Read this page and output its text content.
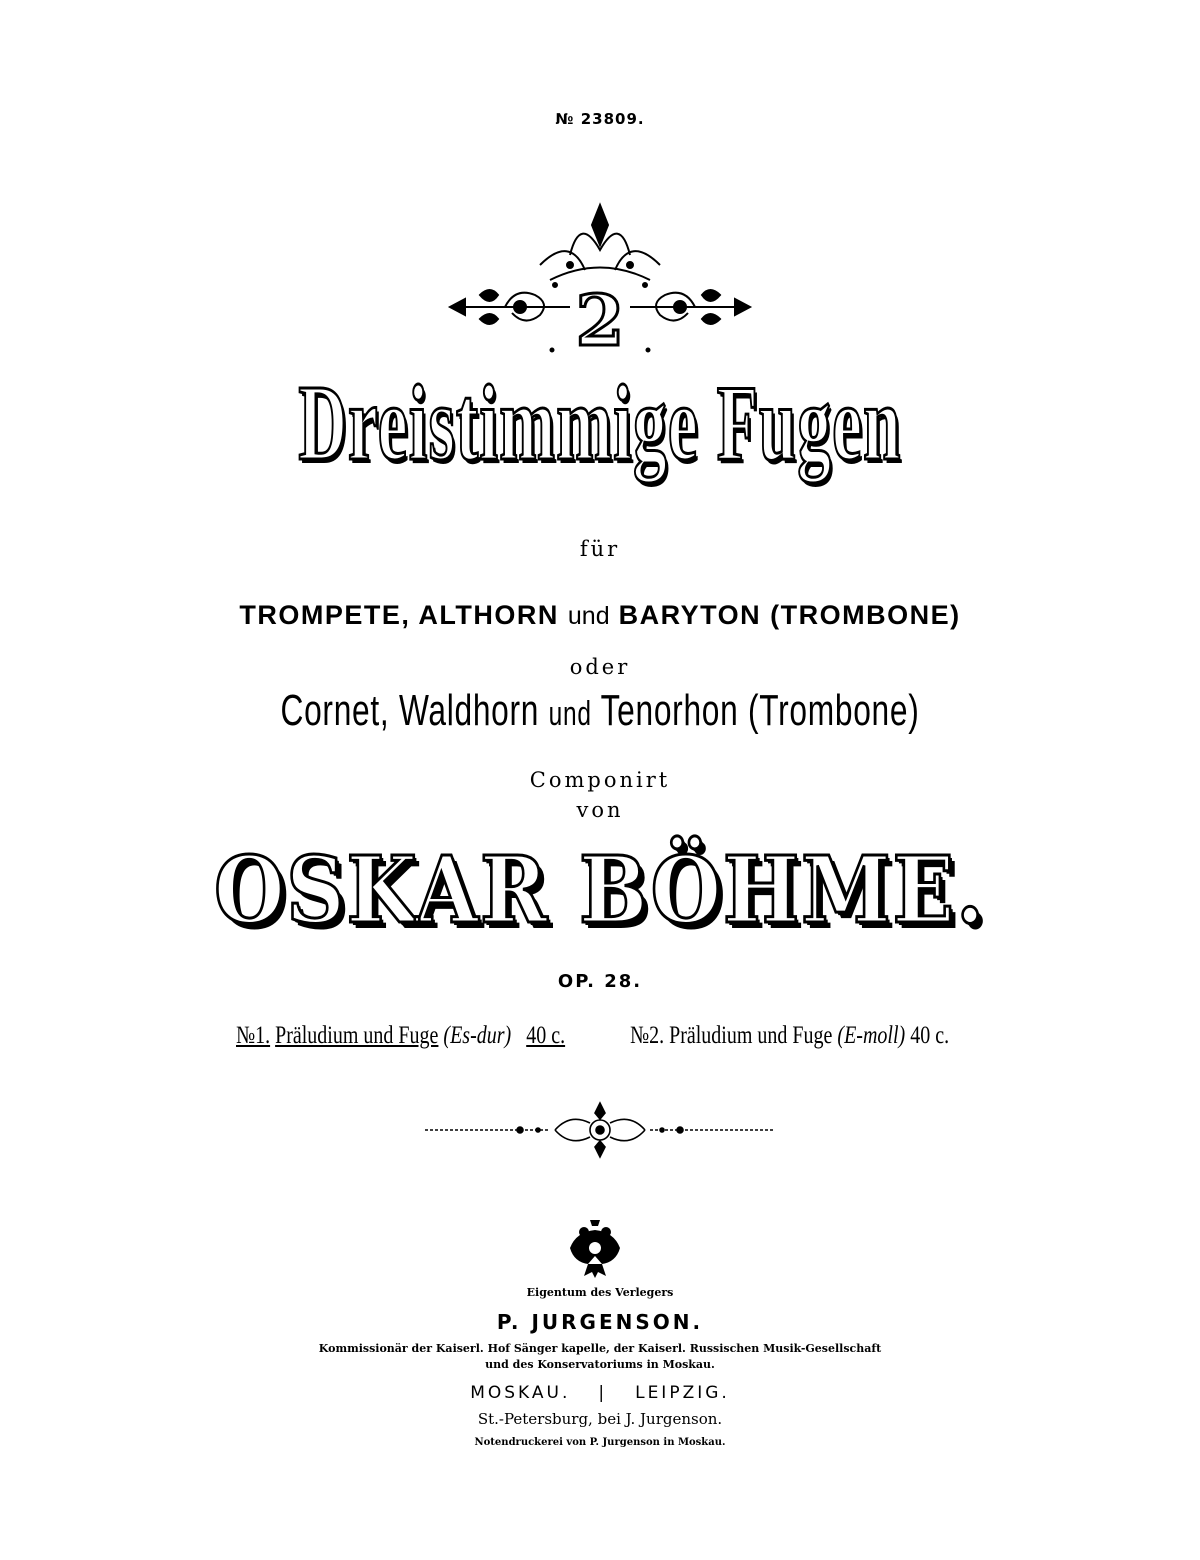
№ 23809.
2
Dreistimmige Fugen
für
TROMPETE, ALTHORN und BARYTON (TROMBONE)
oder
Cornet, Waldhorn und Tenorhon (Trombone)
Componirt
von
OSKAR BÖHME.
OP. 28.
№1. Präludium und Fuge (Es-dur) 40 c.	№2. Präludium und Fuge (E-moll) 40 c.
Eigentum des Verlegers
P. JURGENSON.
Kommissionär der Kaiserl. Hof Sänger kapelle, der Kaiserl. Russischen Musik-Gesellschaft
und des Konservatoriums in Moskau.
MOSKAU. | LEIPZIG.
St.-Petersburg, bei J. Jurgenson.
Notendruckerei von P. Jurgenson in Moskau.
